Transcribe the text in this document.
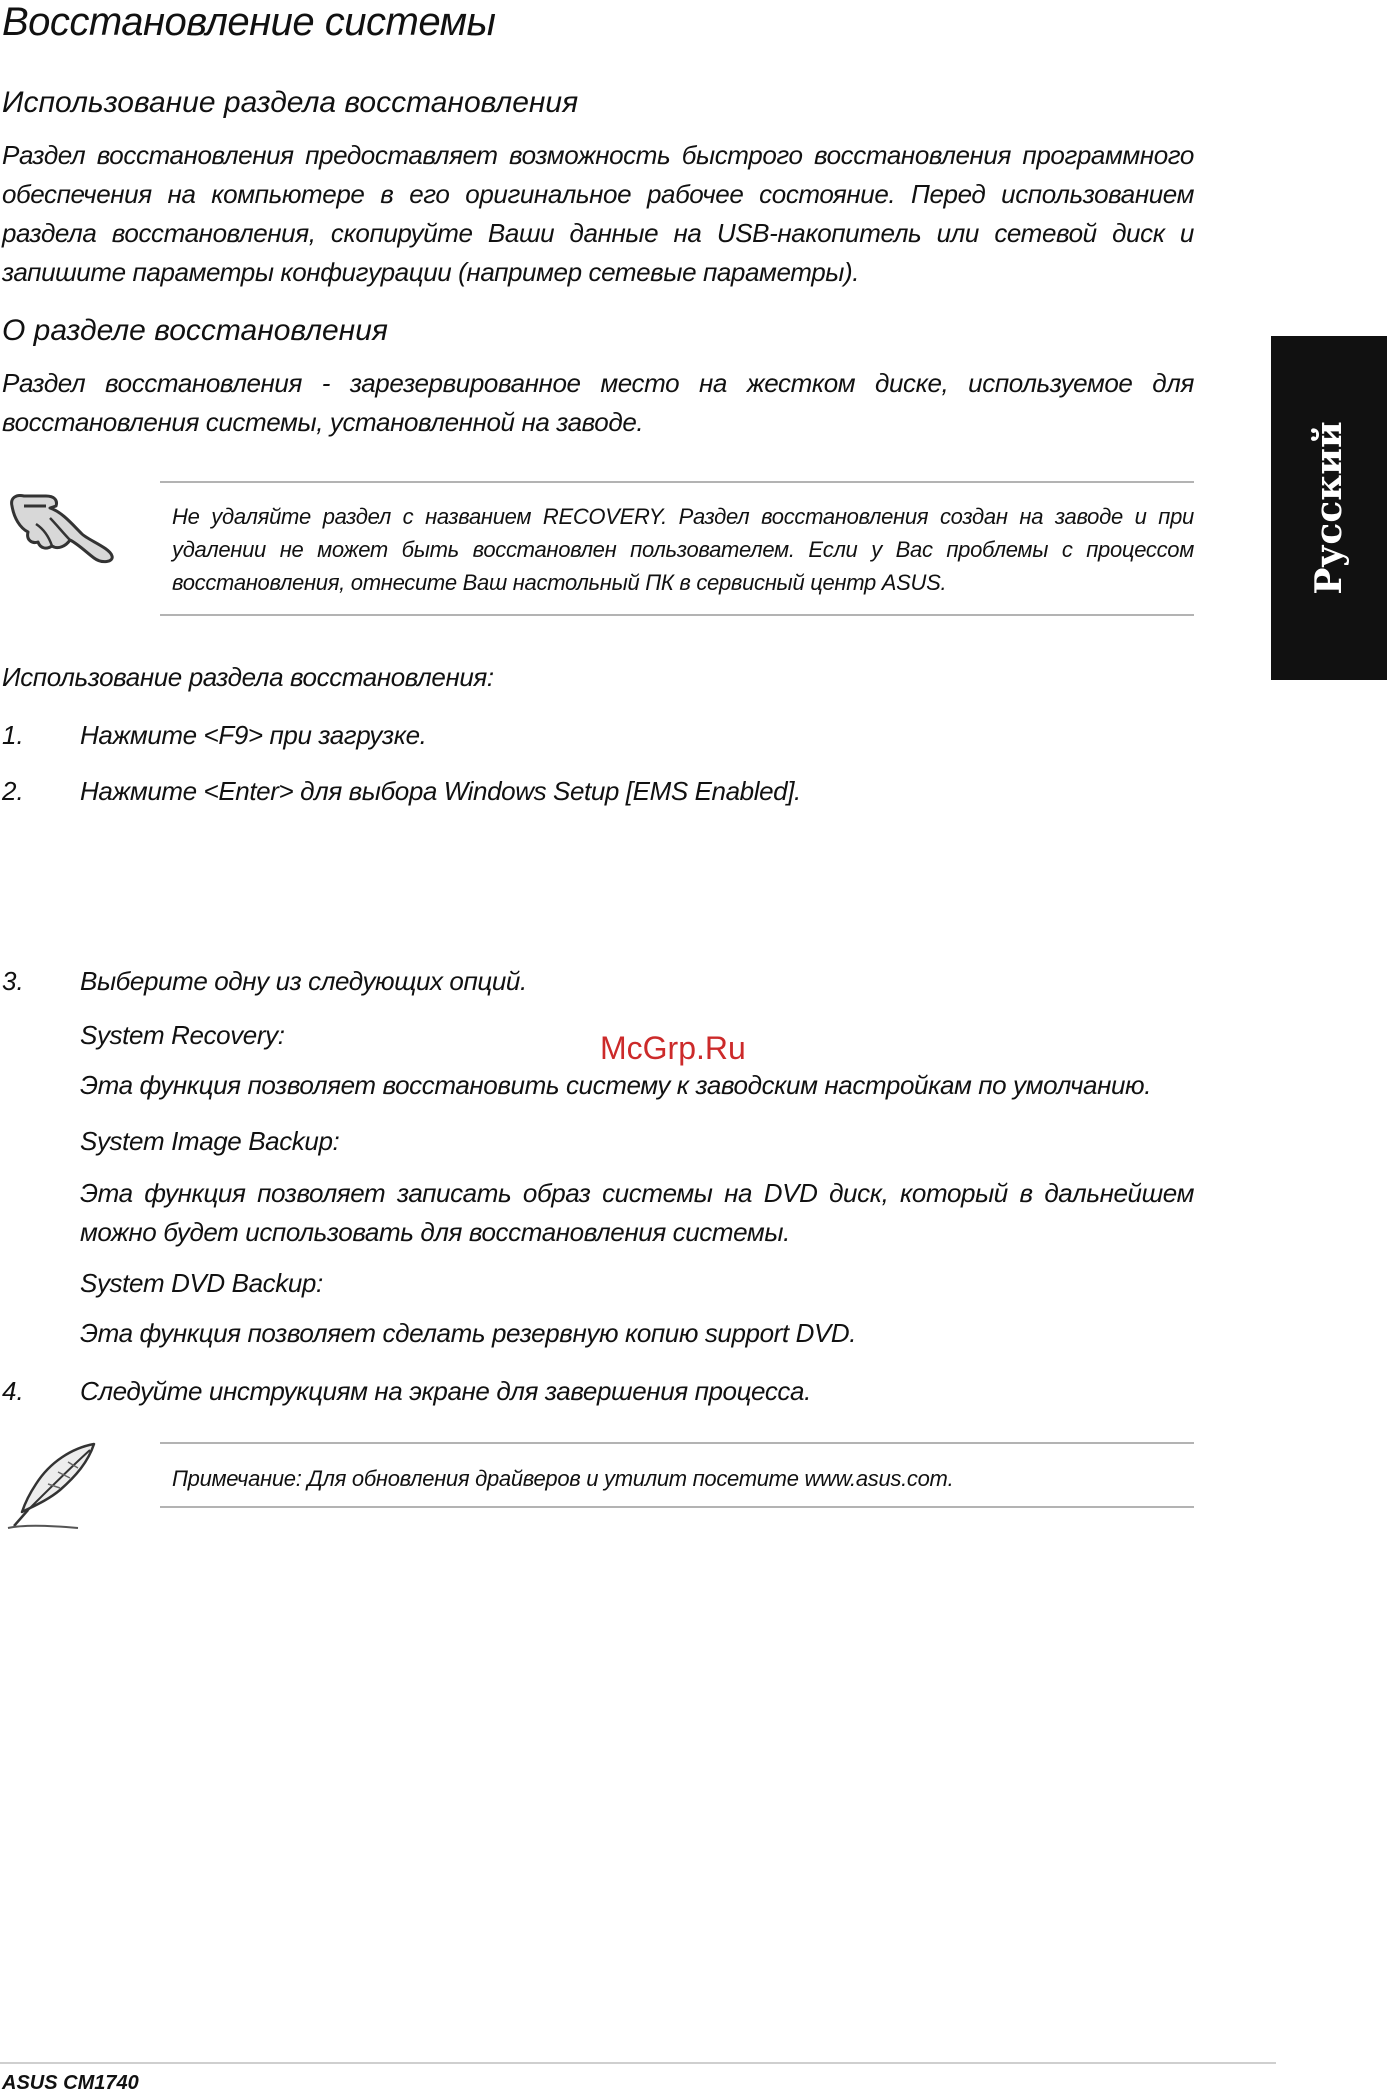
Восстановление системы
Использование раздела восстановления
Раздел восстановления предоставляет возможность быстрого восстановления программного обеспечения на компьютере в его оригинальное рабочее состояние. Перед использованием раздела восстановления, скопируйте Ваши данные на USB-накопитель или сетевой диск и запишите параметры конфигурации (например сетевые параметры).
О разделе восстановления
Раздел восстановления - зарезервированное место на жестком диске, используемое для восстановления системы, установленной на заводе.
Не удаляйте раздел с названием RECOVERY. Раздел восстановления создан на заводе и при удалении не может быть восстановлен пользователем. Если у Вас проблемы с процессом восстановления, отнесите Ваш настольный ПК в сервисный центр ASUS.	Русский
Использование раздела восстановления:
1. Нажмите <F9> при загрузке.
2. Нажмите <Enter> для выбора Windows Setup [EMS Enabled].
3. Выберите одну из следующих опций.
McGrp.Ru
System Recovery:
Эта функция позволяет восстановить систему к заводским настройкам по умолчанию.
System Image Backup:
Эта функция позволяет записать образ системы на DVD диск, который в дальнейшем можно будет использовать для восстановления системы.
System DVD Backup:
Эта функция позволяет сделать резервную копию support DVD.
4. Следуйте инструкциям на экране для завершения процесса.
Примечание: Для обновления драйверов и утилит посетите www.asus.com.
ASUS CM1740
